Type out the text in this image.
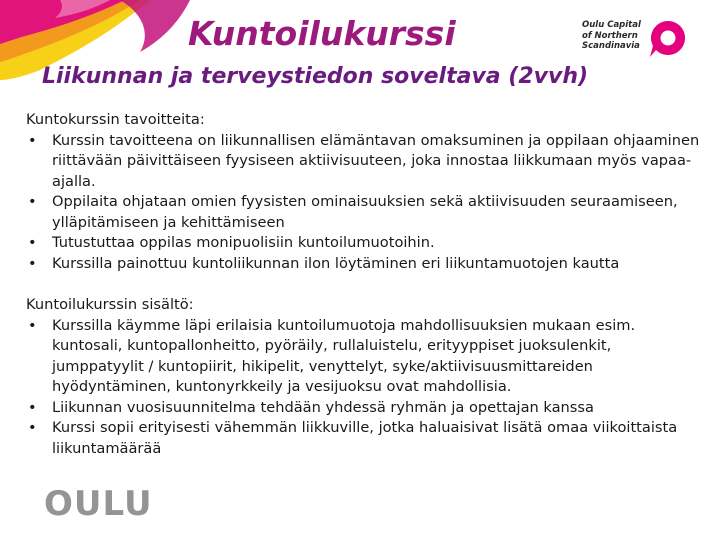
Kuntoilukurssi
Liikunnan ja terveystiedon soveltava (2vvh)
Oulu Capital
of Northern
Scandinavia
OULU

Kuntokurssin tavoitteita:

•	Kurssin tavoitteena on liikunnallisen elämäntavan omaksuminen ja oppilaan ohjaaminen riittävään päivittäiseen fyysiseen aktiivisuuteen, joka innostaa liikkumaan myös vapaa-ajalla.
•	Oppilaita ohjataan omien fyysisten ominaisuuksien sekä aktiivisuuden seuraamiseen, ylläpitämiseen ja kehittämiseen
•	Tutustuttaa oppilas monipuolisiin kuntoilumuotoihin.
•	Kurssilla painottuu kuntoliikunnan ilon löytäminen eri liikuntamuotojen kautta

Kuntoilukurssin sisältö:

•	Kurssilla käymme läpi erilaisia kuntoilumuotoja mahdollisuuksien mukaan esim. kuntosali, kuntopallonheitto, pyöräily, rullaluistelu, erityyppiset juoksulenkit, jumppatyylit / kuntopiirit, hikipelit, venyttelyt, syke/aktiivisuusmittareiden hyödyntäminen, kuntonyrkkeily ja vesijuoksu ovat mahdollisia.
•	Liikunnan vuosisuunnitelma tehdään yhdessä ryhmän ja opettajan kanssa
•	Kurssi sopii erityisesti vähemmän liikkuville, jotka haluaisivat lisätä omaa viikoittaista liikuntamäärää
